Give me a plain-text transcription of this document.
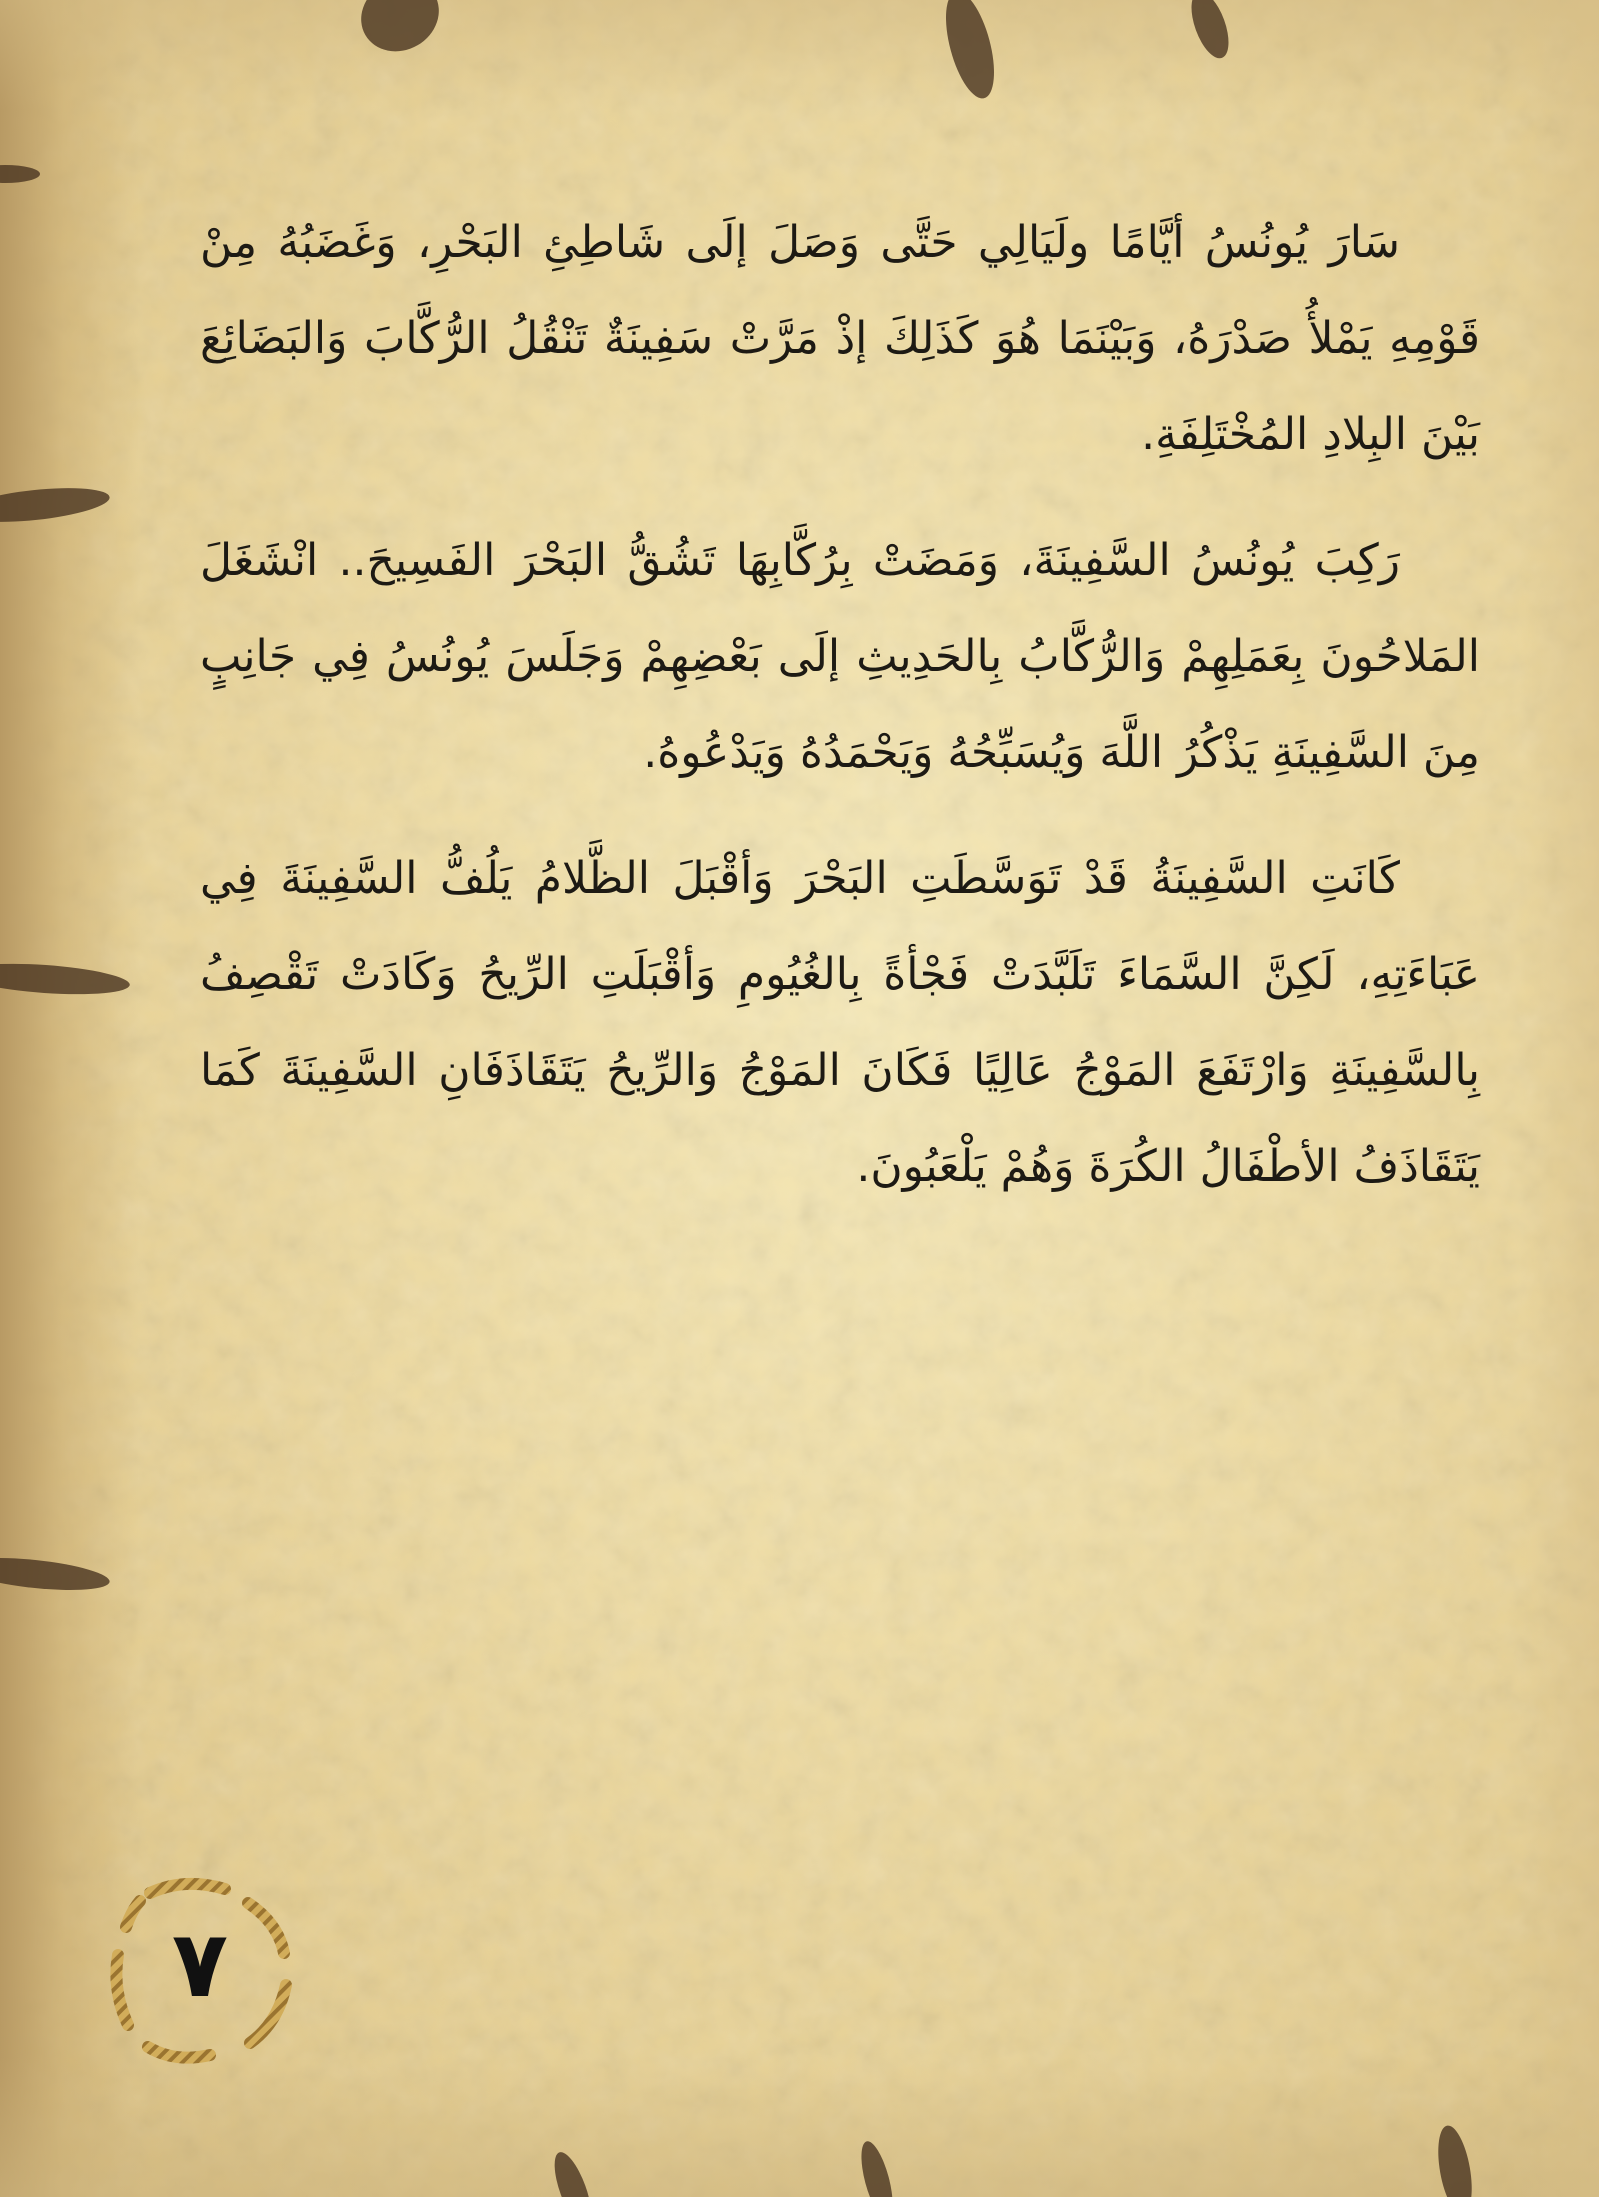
سَارَ يُونُسُ أيَّامًا ولَيَالِي حَتَّى وَصَلَ إلَى شَاطِئِ البَحْرِ، وَغَضَبُهُ مِنْ قَوْمِهِ يَمْلأُ صَدْرَهُ، وَبَيْنَمَا هُوَ كَذَلِكَ إذْ مَرَّتْ سَفِينَةٌ تَنْقُلُ الرُّكَّابَ وَالبَضَائِعَ بَيْنَ البِلادِ المُخْتَلِفَةِ.

رَكِبَ يُونُسُ السَّفِينَةَ، وَمَضَتْ بِرُكَّابِهَا تَشُقُّ البَحْرَ الفَسِيحَ.. انْشَغَلَ المَلاحُونَ بِعَمَلِهِمْ وَالرُّكَّابُ بِالحَدِيثِ إلَى بَعْضِهِمْ وَجَلَسَ يُونُسُ فِي جَانِبٍ مِنَ السَّفِينَةِ يَذْكُرُ اللَّهَ وَيُسَبِّحُهُ وَيَحْمَدُهُ وَيَدْعُوهُ.

كَانَتِ السَّفِينَةُ قَدْ تَوَسَّطَتِ البَحْرَ وَأقْبَلَ الظَّلامُ يَلُفُّ السَّفِينَةَ فِي عَبَاءَتِهِ، لَكِنَّ السَّمَاءَ تَلَبَّدَتْ فَجْأةً بِالغُيُومِ وَأقْبَلَتِ الرِّيحُ وَكَادَتْ تَقْصِفُ بِالسَّفِينَةِ وَارْتَفَعَ المَوْجُ عَالِيًا فَكَانَ المَوْجُ وَالرِّيحُ يَتَقَاذَفَانِ السَّفِينَةَ كَمَا يَتَقَاذَفُ الأطْفَالُ الكُرَةَ وَهُمْ يَلْعَبُونَ.

٧
